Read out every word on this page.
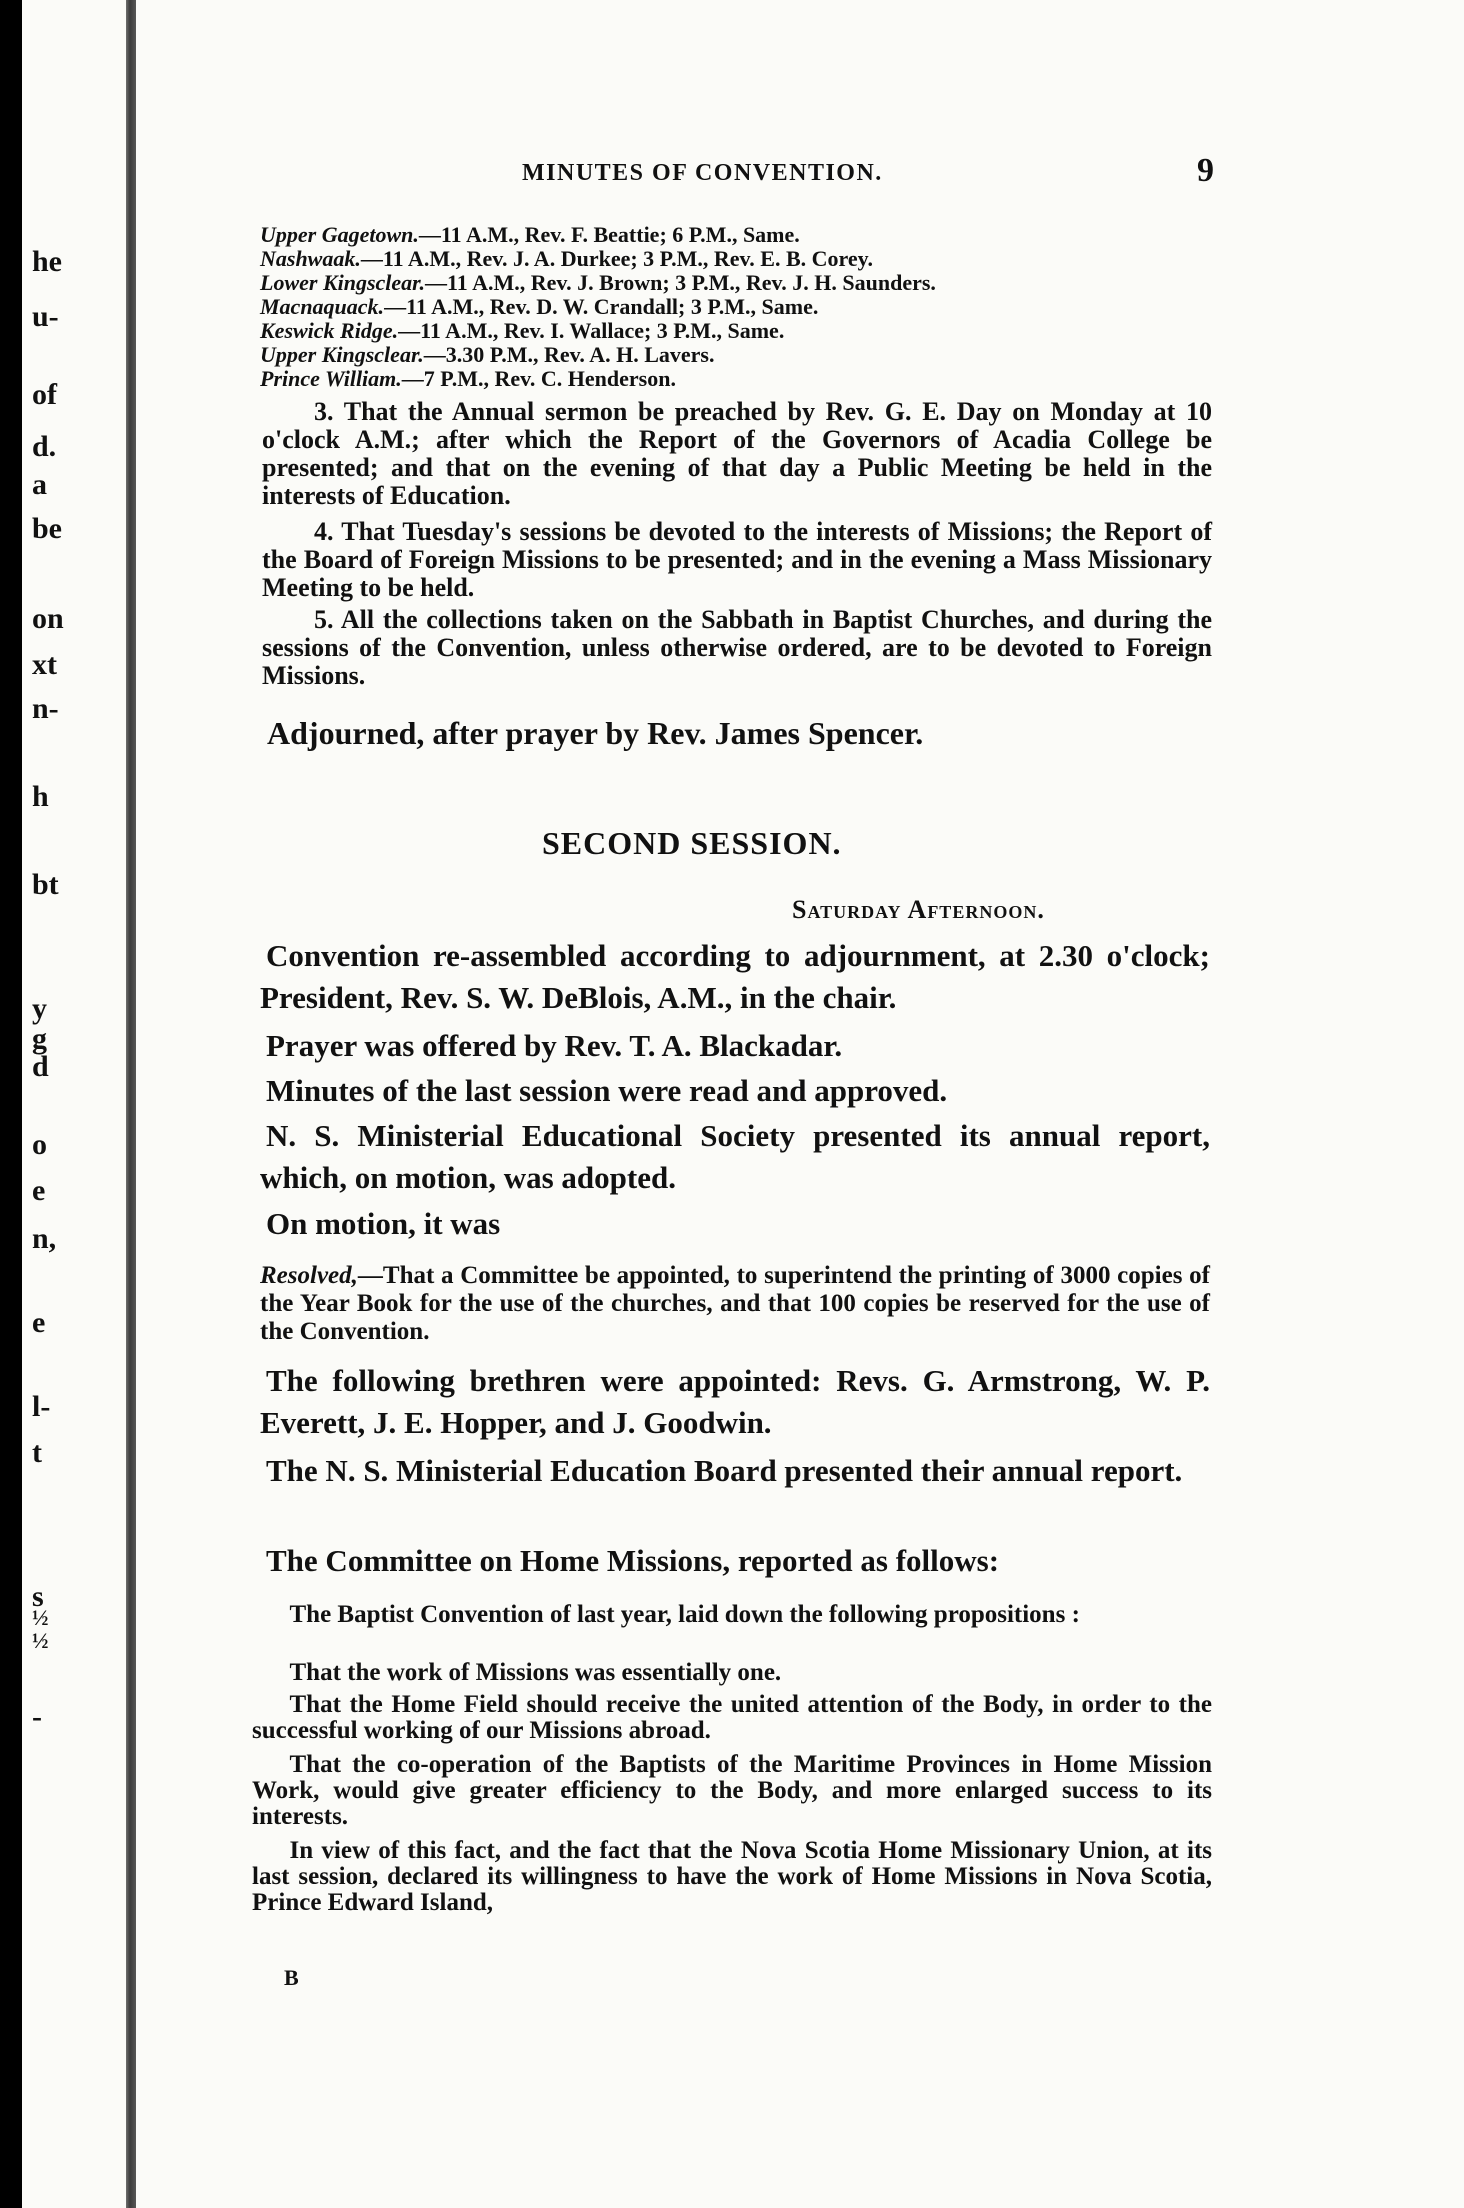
he
u-
of
d.
a
be
on
xt
n-
h
bt
y
g
d
o
e
n,
e
l-
t
s
½
½
-
MINUTES OF CONVENTION.	9
Upper Gagetown.—11 A.M., Rev. F. Beattie; 6 P.M., Same.
Nashwaak.—11 A.M., Rev. J. A. Durkee; 3 P.M., Rev. E. B. Corey.
Lower Kingsclear.—11 A.M., Rev. J. Brown; 3 P.M., Rev. J. H. Saunders.
Macnaquack.—11 A.M., Rev. D. W. Crandall; 3 P.M., Same.
Keswick Ridge.—11 A.M., Rev. I. Wallace; 3 P.M., Same.
Upper Kingsclear.—3.30 P.M., Rev. A. H. Lavers.
Prince William.—7 P.M., Rev. C. Henderson.
3. That the Annual sermon be preached by Rev. G. E. Day on Monday at 10 o'clock A.M.; after which the Report of the Governors of Acadia College be presented; and that on the evening of that day a Public Meeting be held in the interests of Education.
4. That Tuesday's sessions be devoted to the interests of Missions; the Report of the Board of Foreign Missions to be presented; and in the evening a Mass Missionary Meeting to be held.
5. All the collections taken on the Sabbath in Baptist Churches, and during the sessions of the Convention, unless otherwise ordered, are to be devoted to Foreign Missions.
Adjourned, after prayer by Rev. James Spencer.
SECOND SESSION.
Saturday Afternoon.
Convention re-assembled according to adjournment, at 2.30 o'clock; President, Rev. S. W. DeBlois, A.M., in the chair.
Prayer was offered by Rev. T. A. Blackadar.
Minutes of the last session were read and approved.
N. S. Ministerial Educational Society presented its annual report, which, on motion, was adopted.
On motion, it was
Resolved,—That a Committee be appointed, to superintend the printing of 3000 copies of the Year Book for the use of the churches, and that 100 copies be reserved for the use of the Convention.
The following brethren were appointed: Revs. G. Armstrong, W. P. Everett, J. E. Hopper, and J. Goodwin.
The N. S. Ministerial Education Board presented their annual report.
The Committee on Home Missions, reported as follows:
The Baptist Convention of last year, laid down the following propositions :
That the work of Missions was essentially one.
That the Home Field should receive the united attention of the Body, in order to the successful working of our Missions abroad.
That the co-operation of the Baptists of the Maritime Provinces in Home Mission Work, would give greater efficiency to the Body, and more enlarged success to its interests.
In view of this fact, and the fact that the Nova Scotia Home Missionary Union, at its last session, declared its willingness to have the work of Home Missions in Nova Scotia, Prince Edward Island,
B
